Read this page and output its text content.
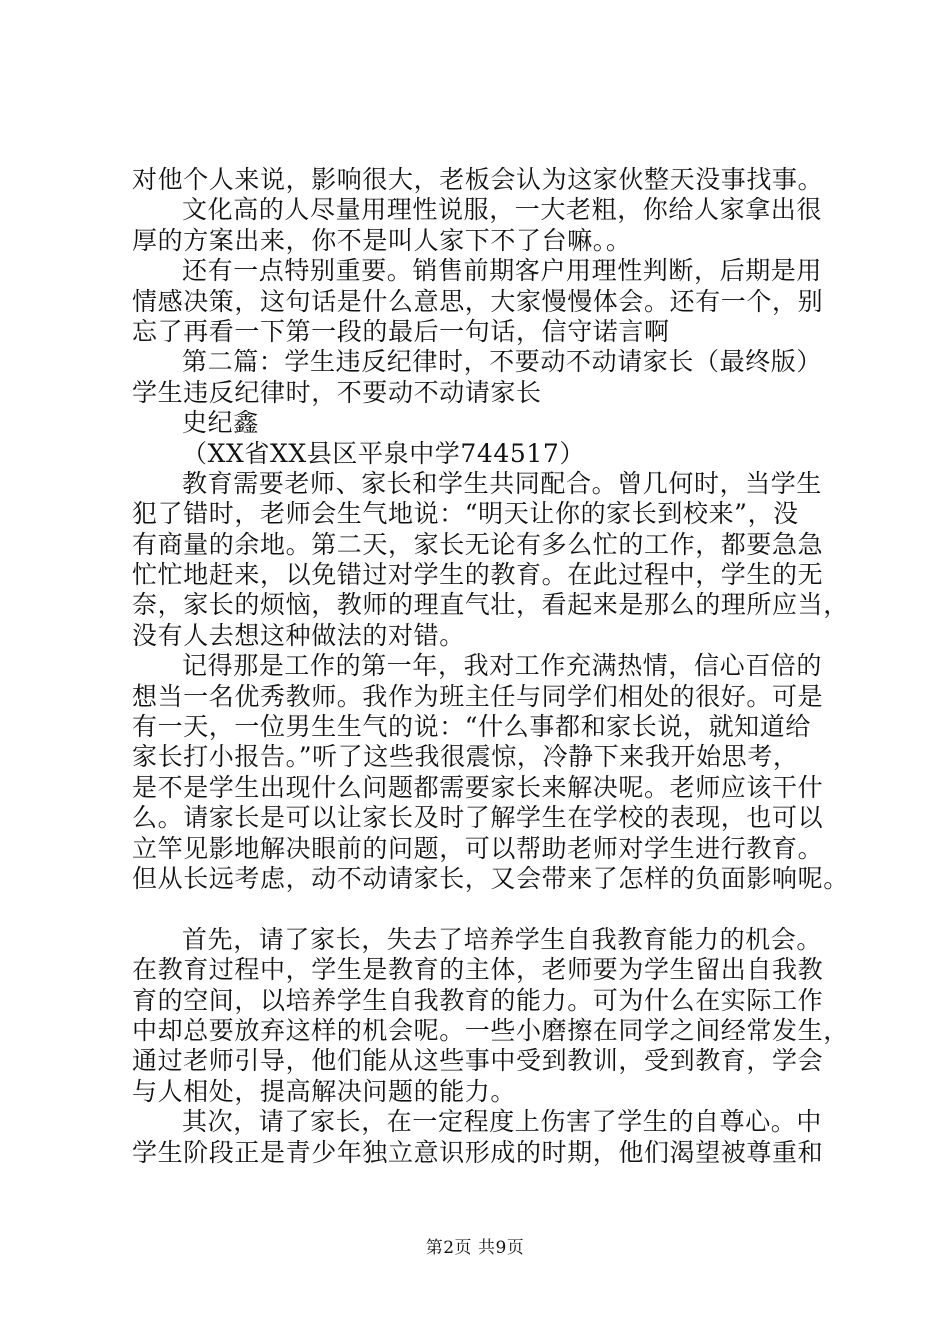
对他个人来说，影响很大，老板会认为这家伙整天没事找事。
文化高的人尽量用理性说服，一大老粗，你给人家拿出很
厚的方案出来，你不是叫人家下不了台嘛。。
还有一点特别重要。销售前期客户用理性判断，后期是用
情感决策，这句话是什么意思，大家慢慢体会。还有一个，别
忘了再看一下第一段的最后一句话，信守诺言啊
第二篇：学生违反纪律时，不要动不动请家长（最终版）
学生违反纪律时，不要动不动请家长
史纪鑫
（XX省XX县区平泉中学744517）
教育需要老师、家长和学生共同配合。曾几何时，当学生
犯了错时，老师会生气地说：“明天让你的家长到校来”，没
有商量的余地。第二天，家长无论有多么忙的工作，都要急急
忙忙地赶来，以免错过对学生的教育。在此过程中，学生的无
奈，家长的烦恼，教师的理直气壮，看起来是那么的理所应当，
没有人去想这种做法的对错。
记得那是工作的第一年，我对工作充满热情，信心百倍的
想当一名优秀教师。我作为班主任与同学们相处的很好。可是
有一天，一位男生生气的说：“什么事都和家长说，就知道给
家长打小报告。”听了这些我很震惊，冷静下来我开始思考，
是不是学生出现什么问题都需要家长来解决呢。老师应该干什
么。请家长是可以让家长及时了解学生在学校的表现，也可以
立竿见影地解决眼前的问题，可以帮助老师对学生进行教育。
但从长远考虑，动不动请家长，又会带来了怎样的负面影响呢。
首先，请了家长，失去了培养学生自我教育能力的机会。
在教育过程中，学生是教育的主体，老师要为学生留出自我教
育的空间，以培养学生自我教育的能力。可为什么在实际工作
中却总要放弃这样的机会呢。一些小磨擦在同学之间经常发生，
通过老师引导，他们能从这些事中受到教训，受到教育，学会
与人相处，提高解决问题的能力。
其次，请了家长，在一定程度上伤害了学生的自尊心。中
学生阶段正是青少年独立意识形成的时期，他们渴望被尊重和
第2页 共9页
